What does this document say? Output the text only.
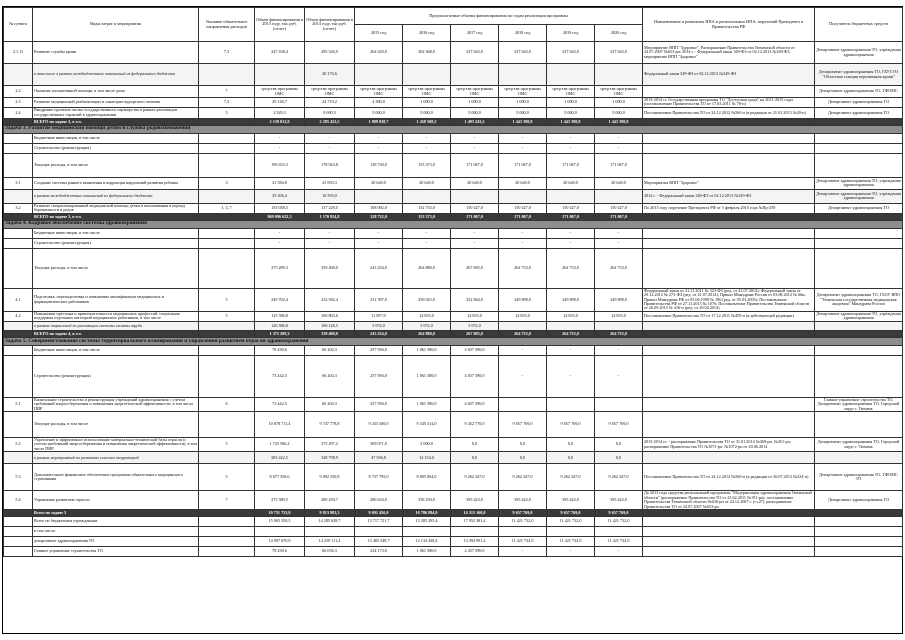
№ пункта	Виды затрат и мероприятия	Указание обязательное направления расходов	Объем финансирования в 2013 году, тыс.руб.(отчет)	Объем финансирования в 2014 году, тыс.руб.(отчет)	Предполагаемые объемы финансирования по годам реализации программы						Наименование и реквизиты НПА и региональных НПА, поручений Президента и Правительства РФ	Получатель бюджетных средств
					2015 год	2016 год	2017 год	2018 год	2019 год	2020 год		
2.1.11	Развитие службы крови	7,3	247 438,4	285 326,9	264 020,0	302 368,0	337 643,0	337 643,0	337 643,0	337 643,0	Мероприятие ВПП "Здоровье", Распоряжение Правительства Тюменской области от 24.07.2007 №653-рп; 2014 г. - Федеральный закон 349-ФЗ от 02.12.2013 №349-ФЗ, мероприятие ВПП "Здоровье"	Департамент здравоохранения ТО, учреждения здравоохранения
	в том числе в рамках межбюджетных отношений из федерального бюджета			20 176,6							Федеральный закон 349-ФЗ от 02.12.2013 №349-ФЗ	Департамент здравоохранения ТО, ГБУЗ ТО "Областная станция переливания крови"
2.2	Оказание паллиативной помощи, в том числе дома	7	средства программы ОМС	средства программы ОМС	средства программы ОМС	средства программы ОМС	средства программы ОМС	средства программы ОМС	средства программы ОМС	средства программы ОМС		Департамент здравоохранения ТО, ТФОМС
2.3	Развитие медицинской реабилитации и санаторно-курортного лечения	7,3	29 146,7	24 719,2	4 380,0	1 000,0	1 000,0	1 000,0	1 000,0	1 000,0	2013-2014 гг. Государственная программа ТО "Доступная среда" на 2011-2015 годы (постановление Правительства ТО от 17.03.2011 № 78-п)	Департамент здравоохранения ТО
2.4	Внедрение проектов частно-государственного партнерства в рамках реализации государственных гарантий в здравоохранении	5	2 929,5	9 000,5	5 000,0	5 000,0	5 000,0	5 000,0	5 000,0	5 000,0	Постановление Правительства ТО от 24.12.2012 №560 и (в редакции от 21.01.2013 №20-п)	Департамент здравоохранения ТО
	ВСЕГО по задаче 2, в т.ч.		2 139 012,0	2 285 422,5	1 889 028,7	1 458 508,2	1 493 243,2	1 443 398,0	1 443 398,0	1 443 398,0		
Задача 3. Развитие медицинской помощи детям и службы родовспоможения												
	Бюджетные инвестиции, в том числе		-	-	-	-	-	-	-	-		
	Строительство (реконструкция)		-	-	-	-	-	-	-	-		
	Текущие расходы, в том числе		196 633,3	178 924,8	128 730,0	153 373,0	171 067,0	171 067,0	171 067,0	171 067,0		
3.1	Создание системы раннего выявления и коррекции нарушений развития ребенка	3	41 584,8	41 693,3	20 640,0	20 640,0	20 640,0	20 640,0	20 640,0	20 640,0	Мероприятия ВПП "Здоровье"	Департамент здравоохранения ТО, учреждения здравоохранения
	в рамках межбюджетных отношений из федерального бюджета		35 306,4	16 593,0							2014 г. - Федеральный закон 349-ФЗ от 02.12.2013 №349-ФЗ	Департамент здравоохранения ТО, учреждения здравоохранения
3.2	Развитие специализированной медицинской помощи детям и выхаживания в период беременности и родов	1, 3, 7	155 038,5	137 229,5	108 092,0	132 733,0	150 427,0	150 427,0	150 427,0	150 427,0	По 2013 году поручение Президента РФ от 5 февраля 2010 года №Пр-259	Департамент здравоохранения ТО
	ВСЕГО по задаче 3, в т.ч.		969 096 622,3	1 170 924,8	128 732,0	153 373,0	171 067,0	171 067,0	171 067,0	171 067,0		
Задача 4. Кадровое обеспечение системы здравоохранения												
	Бюджетные инвестиции, в том числе		-	-	-	-	-	-	-	-		
	Строительство (реконструкция)		-	-	-	-	-	-	-	-		
	Текущие расходы, в том числе		375 289,3	339 400,0	243 254,0	264 880,0	267 695,0	264 753,0	264 753,0	264 753,0		
4.1	Подготовка, переподготовка и повышение квалификации медицинских и фармацевтических работников	5	249 702,4	232 582,4	231 397,0	259 025,0	252 844,0	249 898,0	249 898,0	249 898,0	Федеральный закон от 21.11.2011 № 323-ФЗ (ред. от 21.07.2014); Федеральный закон от 29.12.2012 № 273-ФЗ (ред. от 21.07.2014); Приказ Минздрава России от 03.08.2012 № 66н; Приказ Минздрава РФ от 05.06.1998 № 186 (ред. от 05.03.2003); Постановление Правительства РФ от 27.11.2013 № 1076; Постановление Правительства Тюменской области от 20.09.2013 № 416-п (ред. от 29.04.2014)	Департамент здравоохранения ТО, ГБОУ ВПО "Тюменская государственная медицинская академия" Минздрава России
4.2	Повышение престижа и привлекательности медицинских профессий, социальная поддержка отдельных категорий медицинских работников, в том числе	5	125 586,8	106 803,6	11 857,0	14 855,0	14 855,0	14 855,0	14 855,0	14 855,0	Постановление Правительства ТО от 17.12.2011 №459-п (в действующей редакции)	Департамент здравоохранения ТО, учреждения здравоохранения
	в рамках отраслевой по реализации системы оплаты труда		126 586,8	106 126,5	3 974,0	3 972,0	3 972,0					
	ВСЕГО по задаче 4, в т.ч.		1 375 289,3	339 400,0	243 254,0	264 880,0	267 695,0	264 753,0	264 753,0	264 753,0		
Задача 5. Совершенствование системы территориального планирования и управления развитием отрасли здравоохранения												
	Бюджетные инвестиции, в том числе		78 430,6	66 204,3	257 956,0	1 061 580,0	4 657 390,0	-	-	-		
	Строительство (реконструкция)		73 442,5	66 204,3	257 956,0	1 061 580,0	4 657 390,0	-	-	-		
5.1	Капитальное строительство и реконструкция учреждений здравоохранения с учетом требований энергосбережения и повышения энергетической эффективности, в том числе ПИР	6	73 442,5	66 204,3	257 956,0	1 061 580,0	4 657 390,0					Главное управление строительства ТО, Департамент здравоохранения ТО, Городской округ г. Тюмень
	Текущие расходы, в том числе		10 078 711,4	9 747 778,8	9 433 500,0	9 345 314,0	9 452 770,0	9 657 769,0	9 657 769,0	9 657 769,0		
5.2	Укрепление и эффективное использование материально-технической базы отрасли (с учетом требований энергосбережения и повышения энергетической эффективности), в том числе ПИР	5	1 725 586,2	375 297,2	309 071,0	5 000,0	0,0	0,0	0,0	0,0	2013-2014 гг. - распоряжение Правительства ТО от 31.01.2014 №369-рп, №451-рп; распоряжение Правительства ТО №1071-рп, №1072-рп от 20.06.2014	Департамент здравоохранения ТО, Городской округ г. Тюмень
	в рамках мероприятий по развитию сельских территорий		383 422,5	328 798,9	47 506,8	14 154,0	0,0	0,0	0,0	0,0		
5.3	Дополнительное финансовое обеспечение программы обязательного медицинского страхования	5	8 677 356,6	9 092 330,9	8 737 795,0	8 805 064,0	9 262 347,0	9 262 347,0	9 262 347,0	9 262 347,0	Постановление Правительства ТО от 24.12.2012 №560-п (в редакции от 30.07.2013 №324-п)	Департамент здравоохранения ТО, ТФОМС ТО
5.4	Управление развитием отрасли	7	275 389,5	280 250,7	286 634,0	358 250,0	395 423,0	395 422,0	395 422,0	395 422,0	До 2013 года средства региональной программы "Модернизация здравоохранения Тюменской области" (распоряжение Правительства ТО от 23.02.2011 №191-рп); постановление Правительства Тюменской области №636-рп от 24.12.2007 г. (ст.27), распоряжение Правительства ТО от 24.07.2007 №653-рп	Департамент здравоохранения ТО
	Всего по задаче 5		10 751 753,9	9 813 983,3	9 691 456,0	10 786 894,0	14 315 160,0	9 657 769,0	9 657 769,0	9 657 769,0		
	Всего по бюджетным учреждениям		15 065 350,5	14 285 628,7	13 717 721,7	13 285 295,4	17 952 381,4	11 421 732,0	11 421 732,0	11 421 732,0		
	в том числе:											
	департамент здравоохранения ТО		14 907 670,9	14 250 111,4	13 483 548,7	12 134 438,4	13 494 991,4	11 421 732,0	11 421 732,0	11 421 732,0		
	Главное управление строительства ТО		78 430,6	66 036,3	234 173,0	1 061 580,0	4 457 390,0	-	-	-		
